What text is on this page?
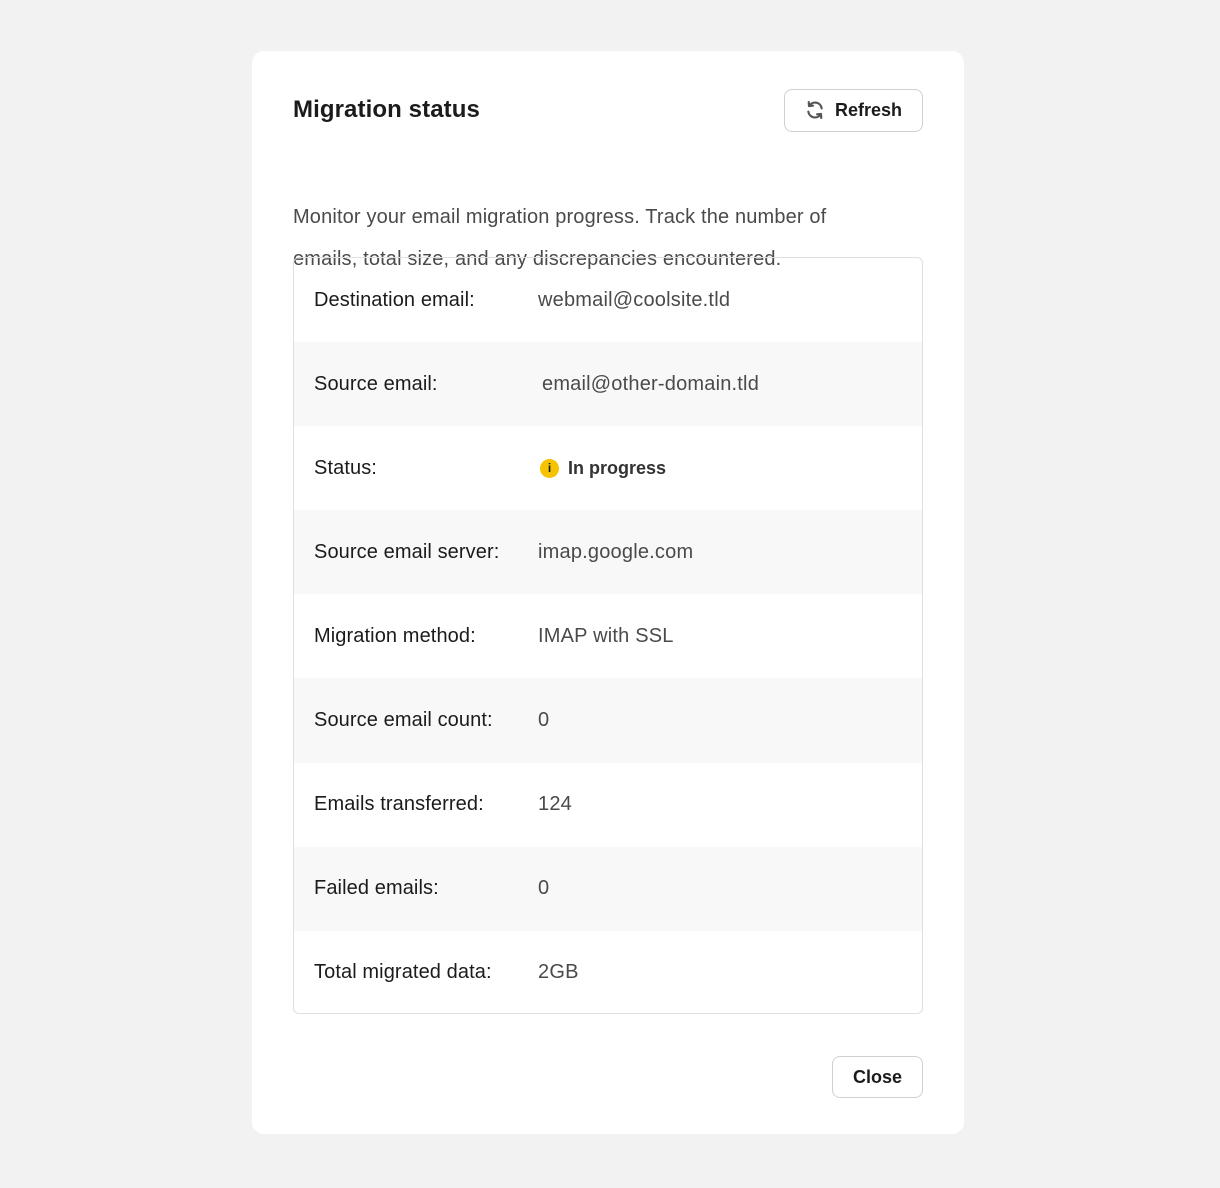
Migration status	Refresh

Monitor your email migration progress. Track the number of emails, total size, and any discrepancies encountered.

Destination email:	webmail@coolsite.tld
Source email:	email@other-domain.tld
Status:	i In progress
Source email server:	imap.google.com
Migration method:	IMAP with SSL
Source email count:	0
Emails transferred:	124
Failed emails:	0
Total migrated data:	2GB
Close
